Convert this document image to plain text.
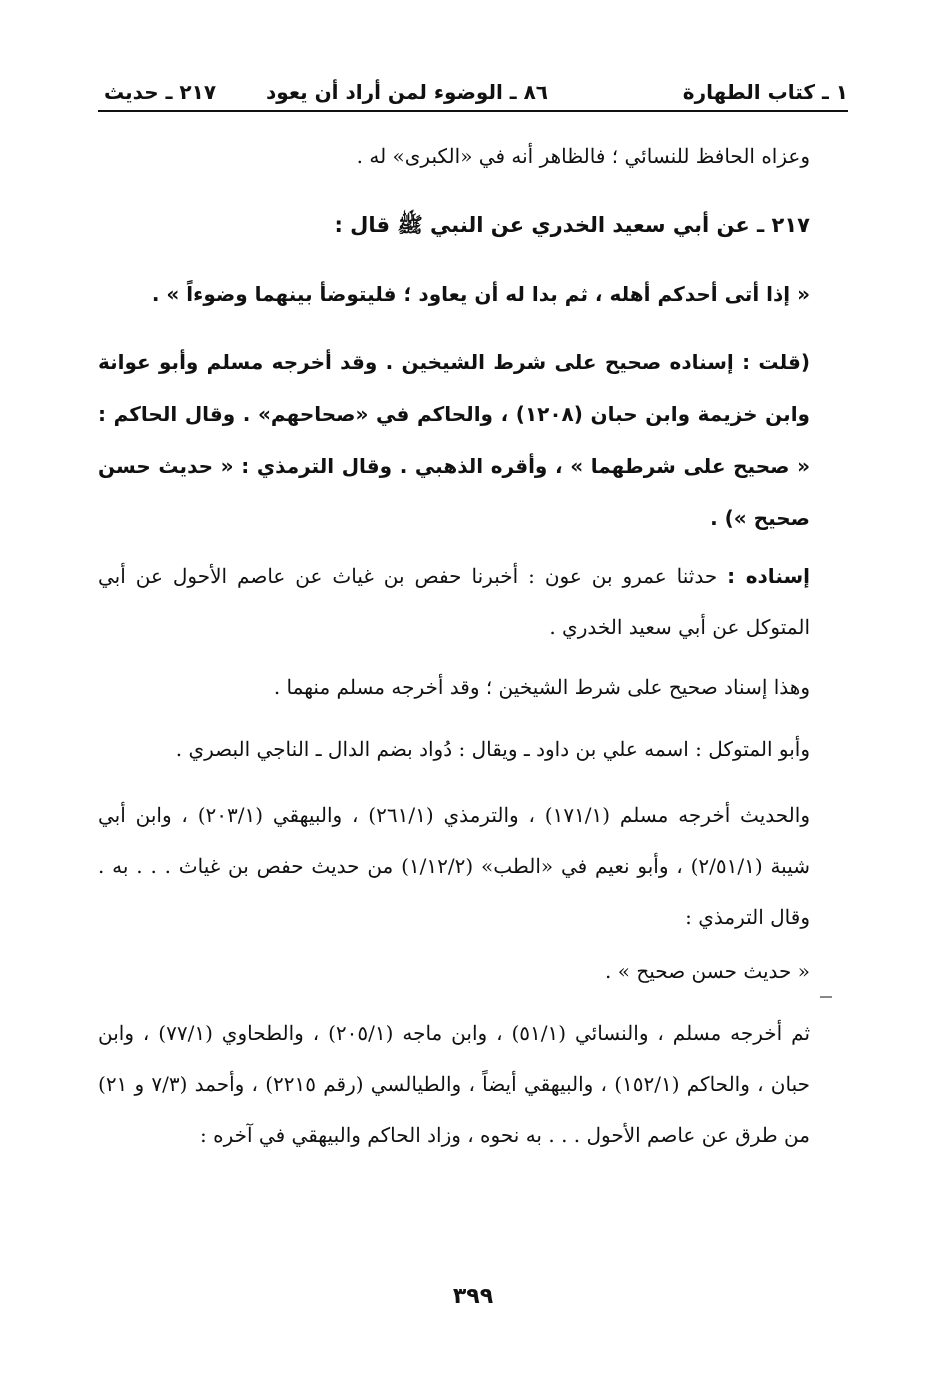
١ ـ كتاب الطهارة
٨٦ ـ الوضوء لمن أراد أن يعود
٢١٧ ـ حديث

وعزاه الحافظ للنسائي ؛ فالظاهر أنه في «الكبرى» له .

٢١٧ ـ عن أبي سعيد الخدري عن النبي ﷺ قال :

« إذا أتى أحدكم أهله ، ثم بدا له أن يعاود ؛ فليتوضأ بينهما وضوءاً » .

(قلت : إسناده صحيح على شرط الشيخين . وقد أخرجه مسلم وأبو عوانة وابن خزيمة وابن حبان (١٢٠٨) ، والحاكم في «صحاحهم» . وقال الحاكم : « صحيح على شرطهما » ، وأقره الذهبي . وقال الترمذي : « حديث حسن صحيح ») .

إسناده : حدثنا عمرو بن عون : أخبرنا حفص بن غياث عن عاصم الأحول عن أبي المتوكل عن أبي سعيد الخدري .

وهذا إسناد صحيح على شرط الشيخين ؛ وقد أخرجه مسلم منهما .

وأبو المتوكل : اسمه علي بن داود ـ ويقال : دُواد بضم الدال ـ الناجي البصري .

والحديث أخرجه مسلم (١٧١/١) ، والترمذي (٢٦١/١) ، والبيهقي (٢٠٣/١) ، وابن أبي شيبة (٢/٥١/١) ، وأبو نعيم في «الطب» (١/١٢/٢) من حديث حفص بن غياث . . . به . وقال الترمذي :

« حديث حسن صحيح » .

ثم أخرجه مسلم ، والنسائي (٥١/١) ، وابن ماجه (٢٠٥/١) ، والطحاوي (٧٧/١) ، وابن حبان ، والحاكم (١٥٢/١) ، والبيهقي أيضاً ، والطيالسي (رقم ٢٢١٥) ، وأحمد (٧/٣ و ٢١) من طرق عن عاصم الأحول . . . به نحوه ، وزاد الحاكم والبيهقي في آخره :

٣٩٩
